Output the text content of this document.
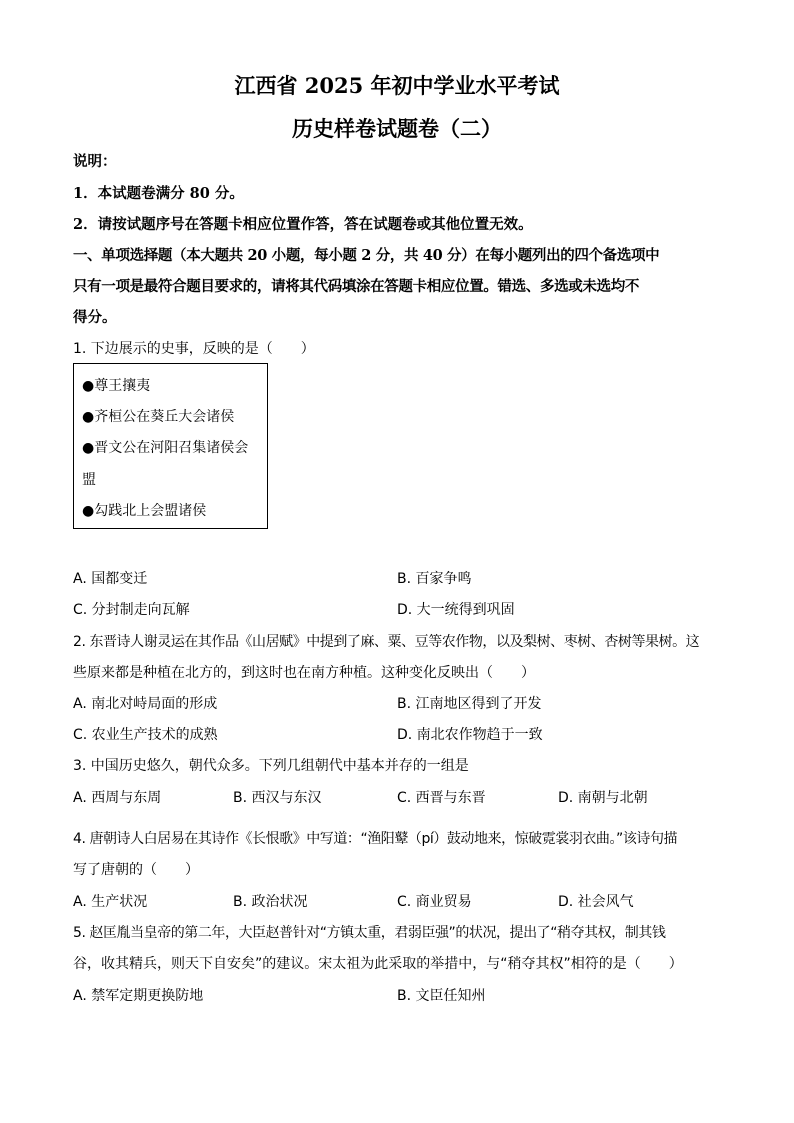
江西省 2025 年初中学业水平考试
历史样卷试题卷（二）
说明：
1．本试题卷满分 80 分。
2．请按试题序号在答题卡相应位置作答，答在试题卷或其他位置无效。
一、单项选择题（本大题共 20 小题，每小题 2 分，共 40 分）在每小题列出的四个备选项中
只有一项是最符合题目要求的，请将其代码填涂在答题卡相应位置。错选、多选或未选均不
得分。
1. 下边展示的史事，反映的是（　　）
●尊王攘夷
●齐桓公在葵丘大会诸侯
●晋文公在河阳召集诸侯会
盟
●勾践北上会盟诸侯
A. 国都变迁	B. 百家争鸣
C. 分封制走向瓦解	D. 大一统得到巩固
2. 东晋诗人谢灵运在其作品《山居赋》中提到了麻、粟、豆等农作物，以及梨树、枣树、杏树等果树。这
些原来都是种植在北方的，到这时也在南方种植。这种变化反映出（　　）
A. 南北对峙局面的形成	B. 江南地区得到了开发
C. 农业生产技术的成熟	D. 南北农作物趋于一致
3. 中国历史悠久，朝代众多。下列几组朝代中基本并存的一组是
A. 西周与东周	B. 西汉与东汉	C. 西晋与东晋	D. 南朝与北朝
4. 唐朝诗人白居易在其诗作《长恨歌》中写道：“渔阳鼙（pí）鼓动地来，惊破霓裳羽衣曲。”该诗句描
写了唐朝的（　　）
A. 生产状况	B. 政治状况	C. 商业贸易	D. 社会风气
5. 赵匡胤当皇帝的第二年，大臣赵普针对“方镇太重，君弱臣强”的状况，提出了“稍夺其权，制其钱
谷，收其精兵，则天下自安矣”的建议。宋太祖为此采取的举措中，与“稍夺其权”相符的是（　　）
A. 禁军定期更换防地	B. 文臣任知州
